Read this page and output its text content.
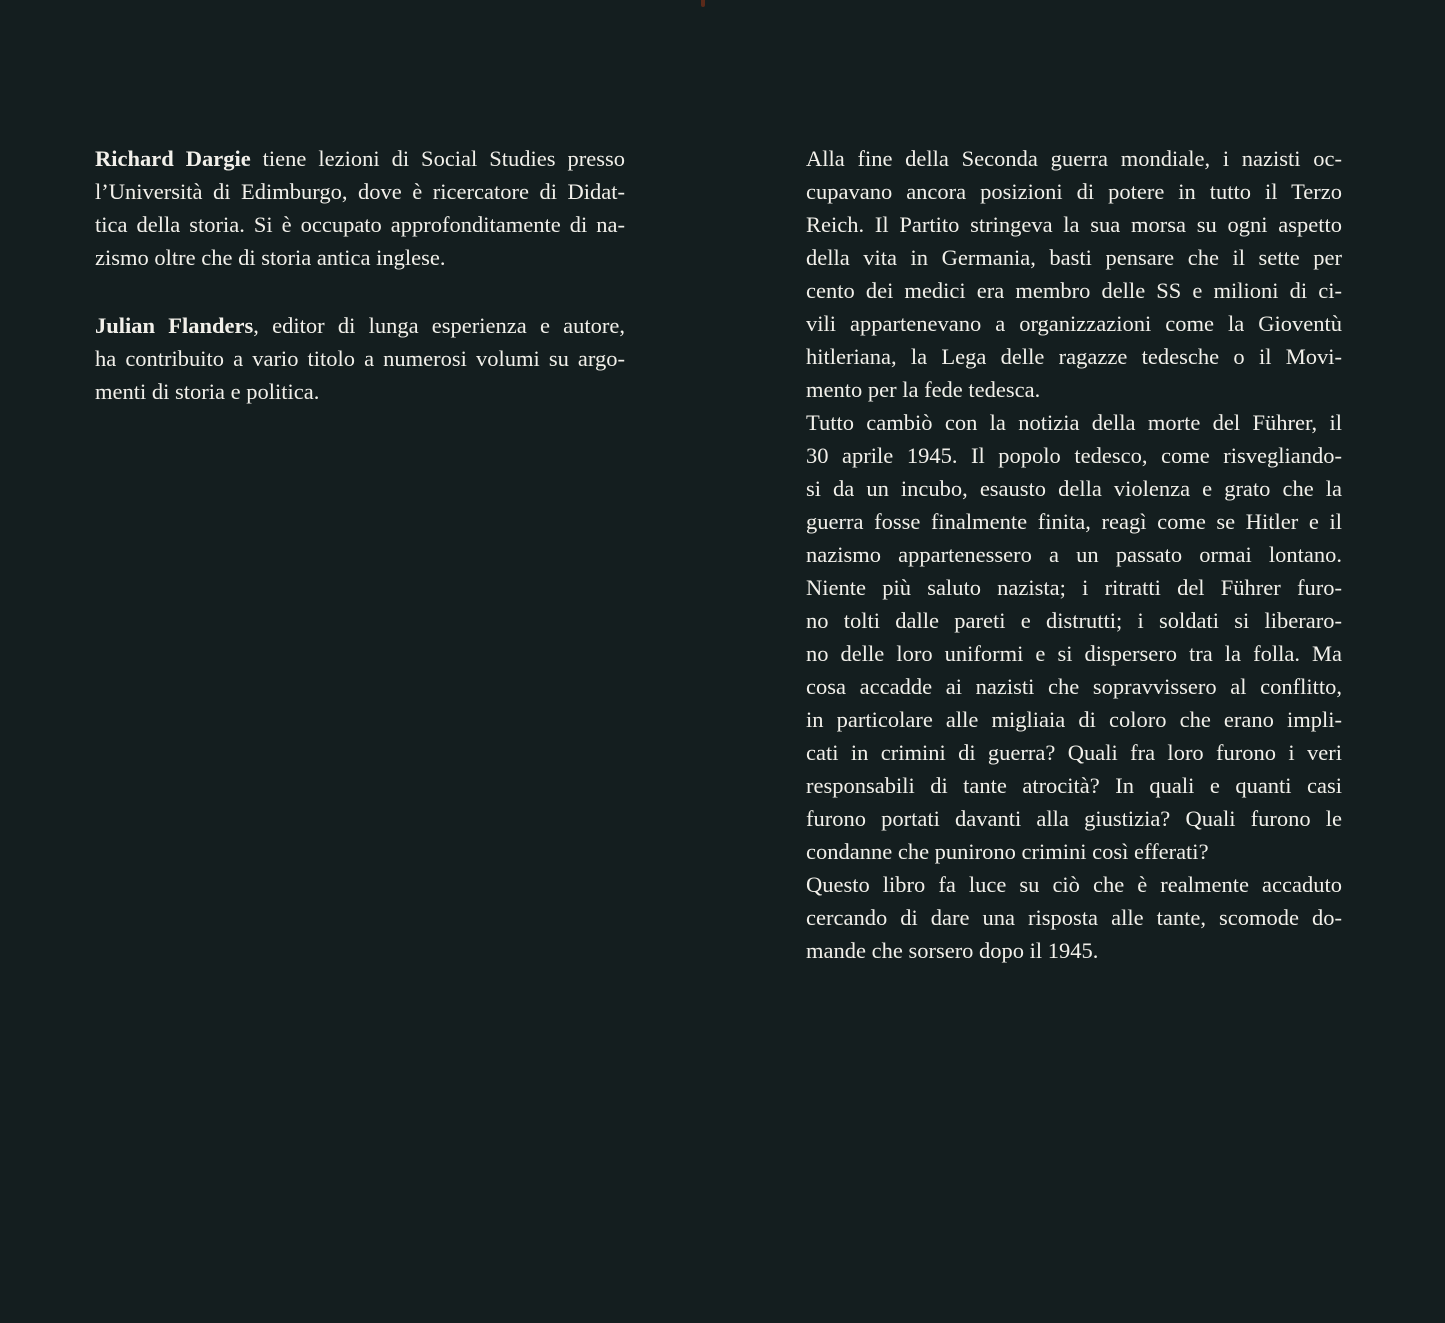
Richard Dargie tiene lezioni di Social Studies presso
l’Università di Edimburgo, dove è ricercatore di Didat-
tica della storia. Si è occupato approfonditamente di na-
zismo oltre che di storia antica inglese.
Julian Flanders, editor di lunga esperienza e autore,
ha contribuito a vario titolo a numerosi volumi su argo-
menti di storia e politica.
Alla fine della Seconda guerra mondiale, i nazisti oc-
cupavano ancora posizioni di potere in tutto il Terzo
Reich. Il Partito stringeva la sua morsa su ogni aspetto
della vita in Germania, basti pensare che il sette per
cento dei medici era membro delle SS e milioni di ci-
vili appartenevano a organizzazioni come la Gioventù
hitleriana, la Lega delle ragazze tedesche o il Movi-
mento per la fede tedesca.
Tutto cambiò con la notizia della morte del Führer, il
30 aprile 1945. Il popolo tedesco, come risvegliando-
si da un incubo, esausto della violenza e grato che la
guerra fosse finalmente finita, reagì come se Hitler e il
nazismo appartenessero a un passato ormai lontano.
Niente più saluto nazista; i ritratti del Führer furo-
no tolti dalle pareti e distrutti; i soldati si liberaro-
no delle loro uniformi e si dispersero tra la folla. Ma
cosa accadde ai nazisti che sopravvissero al conflitto,
in particolare alle migliaia di coloro che erano impli-
cati in crimini di guerra? Quali fra loro furono i veri
responsabili di tante atrocità? In quali e quanti casi
furono portati davanti alla giustizia? Quali furono le
condanne che punirono crimini così efferati?
Questo libro fa luce su ciò che è realmente accaduto
cercando di dare una risposta alle tante, scomode do-
mande che sorsero dopo il 1945.
